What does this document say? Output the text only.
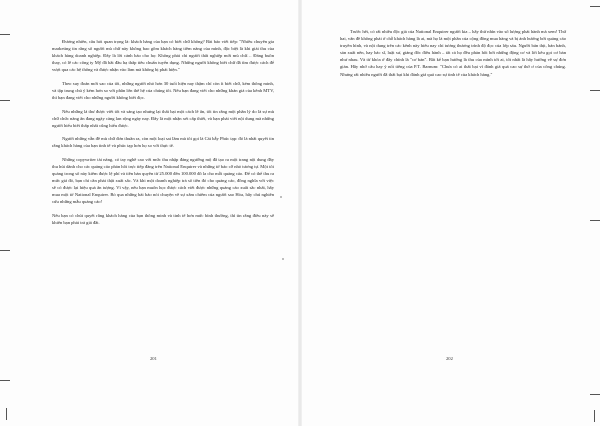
Đương nhiên, câu hỏi quan trọng là: khách hàng của bạn có biết chữ không? Bài báo viết tiếp: "Nhiều chuyên gia marketing tin rằng số người mù chữ này không bao gồm khách hàng tiềm năng của mình, đặc biệt là khi giải thu của khách hàng doanh nghiệp. Đây là lời cảnh báo cho họ: Không phải chỉ người thất nghiệp mới mù chữ… Đáng buồn thay, có lẽ các công ty Mỹ đã bắt đầu hạ thấp tiêu chuẩn tuyển dụng. Những người không biết chữ đã tìm được cách để vượt qua các hệ thống và được nhận vào làm mà không bị phát hiện."

Theo suy đoán mới sao của tôi, những người nhỏ hơn 30 tuổi hiện nay thậm chí còn ít biết chữ, kém thông minh, và tập trung chú ý kém hơn so với phần lớn thế hệ của chúng tôi. Nếu bạn đang viết cho những khán giả của kênh MTV, thì bạn đang viết cho những người không biết đọc.

Nếu những lá thư được viết tốt và sáng tạo nhưng lại thất bại một cách lê ấn, tôi tin rằng một phần lý do là sự mù chữ chức năng ấn đang ngày càng lan rộng ngày nay. Đây là một nhận xét cấp thiết, và bạn phải viết nội dung mà những người hiểu biết thấp nhất cũng hiểu được.

Người những vẫn đề mù chữ đơn thuần ra, còn một loại sai lầm mà tôi gọi là Cái bẫy Phúc tạp: đó là nhất quyết tin rằng khách hàng của bạn tinh tế và phúc tạp hơn họ so với thực tế.

Những copywriter tài năng, có tay nghề cao với mức thu nhập đáng ngưỡng mộ đã tạo ra một trang nội dung đầy thu hút dành cho các quảng cáo phản hồi trực tiếp đăng trên National Enquirer và những tờ báo cỡ nhỏ tương tự. Một tôi quảng trong số này kiếm được lệ phí và tiền bản quyền từ 25.000 đến 100.000 đô la cho mỗi quảng cáo. Để có thể thu ra mức giá đó, bạn chỉ cần phải thật xuất sắc. Và khi một doanh nghiệp trả số tiền đó cho quảng cáo, đồng nghĩa với việc sẽ có được lại hiệu quả ấn tượng. Vì vậy, nếu bạn muốn học được cách viết được những quảng cáo xuất sắc nhất, hãy mua một tờ National Enquirer. Bỏ qua những bài báo nói chuyện về sự xâm chiếm của người sao Hỏa, hãy chú nghiên cứu những mẫu quảng cáo!

Nếu bạn có chút quyết rằng khách hàng của bạn thông minh và tinh tế hơn mức bình thường, thì tin rằng điều này sẽ khiến bạn phải trả giá đắt.

201

Trước hết, có rất nhiều độc giả của National Enquirer người kia – hãy thử nhìn vào số lượng phát hành mà xem! Thứ hai, vấn đề không phải ở chỗ khách hàng là ai, mà họ là một phần của cộng đồng mua hàng và bị ảnh hưởng bởi quảng cáo truyền hình, và nội dung trên các kênh này hiếu nay chỉ tương thương trình độ đọc của lớp sáu. Người bán thịt, bán bánh, sản xuất nến, hay bác sĩ, luật sư, giảng đốc điều hành – tất cả họ đều phản hồi bởi những động cơ và lời kêu gọi cơ bản như nhau. Và từ khóa ở đây chính là "cơ bản". Bắt kể bạn hướng là thu của mình tới ai, tốt nhất là hãy hướng về sự đơn giản. Hãy nhớ câu hay ý nổi tiếng của P.T. Barnum: "Chưa có ai thất bại vì đánh giá quá cao sự thờ ơ của công chúng. Nhưng rất nhiều người đã thất bại khi đánh giá quá cao sự tinh tế của khách hàng."

202
